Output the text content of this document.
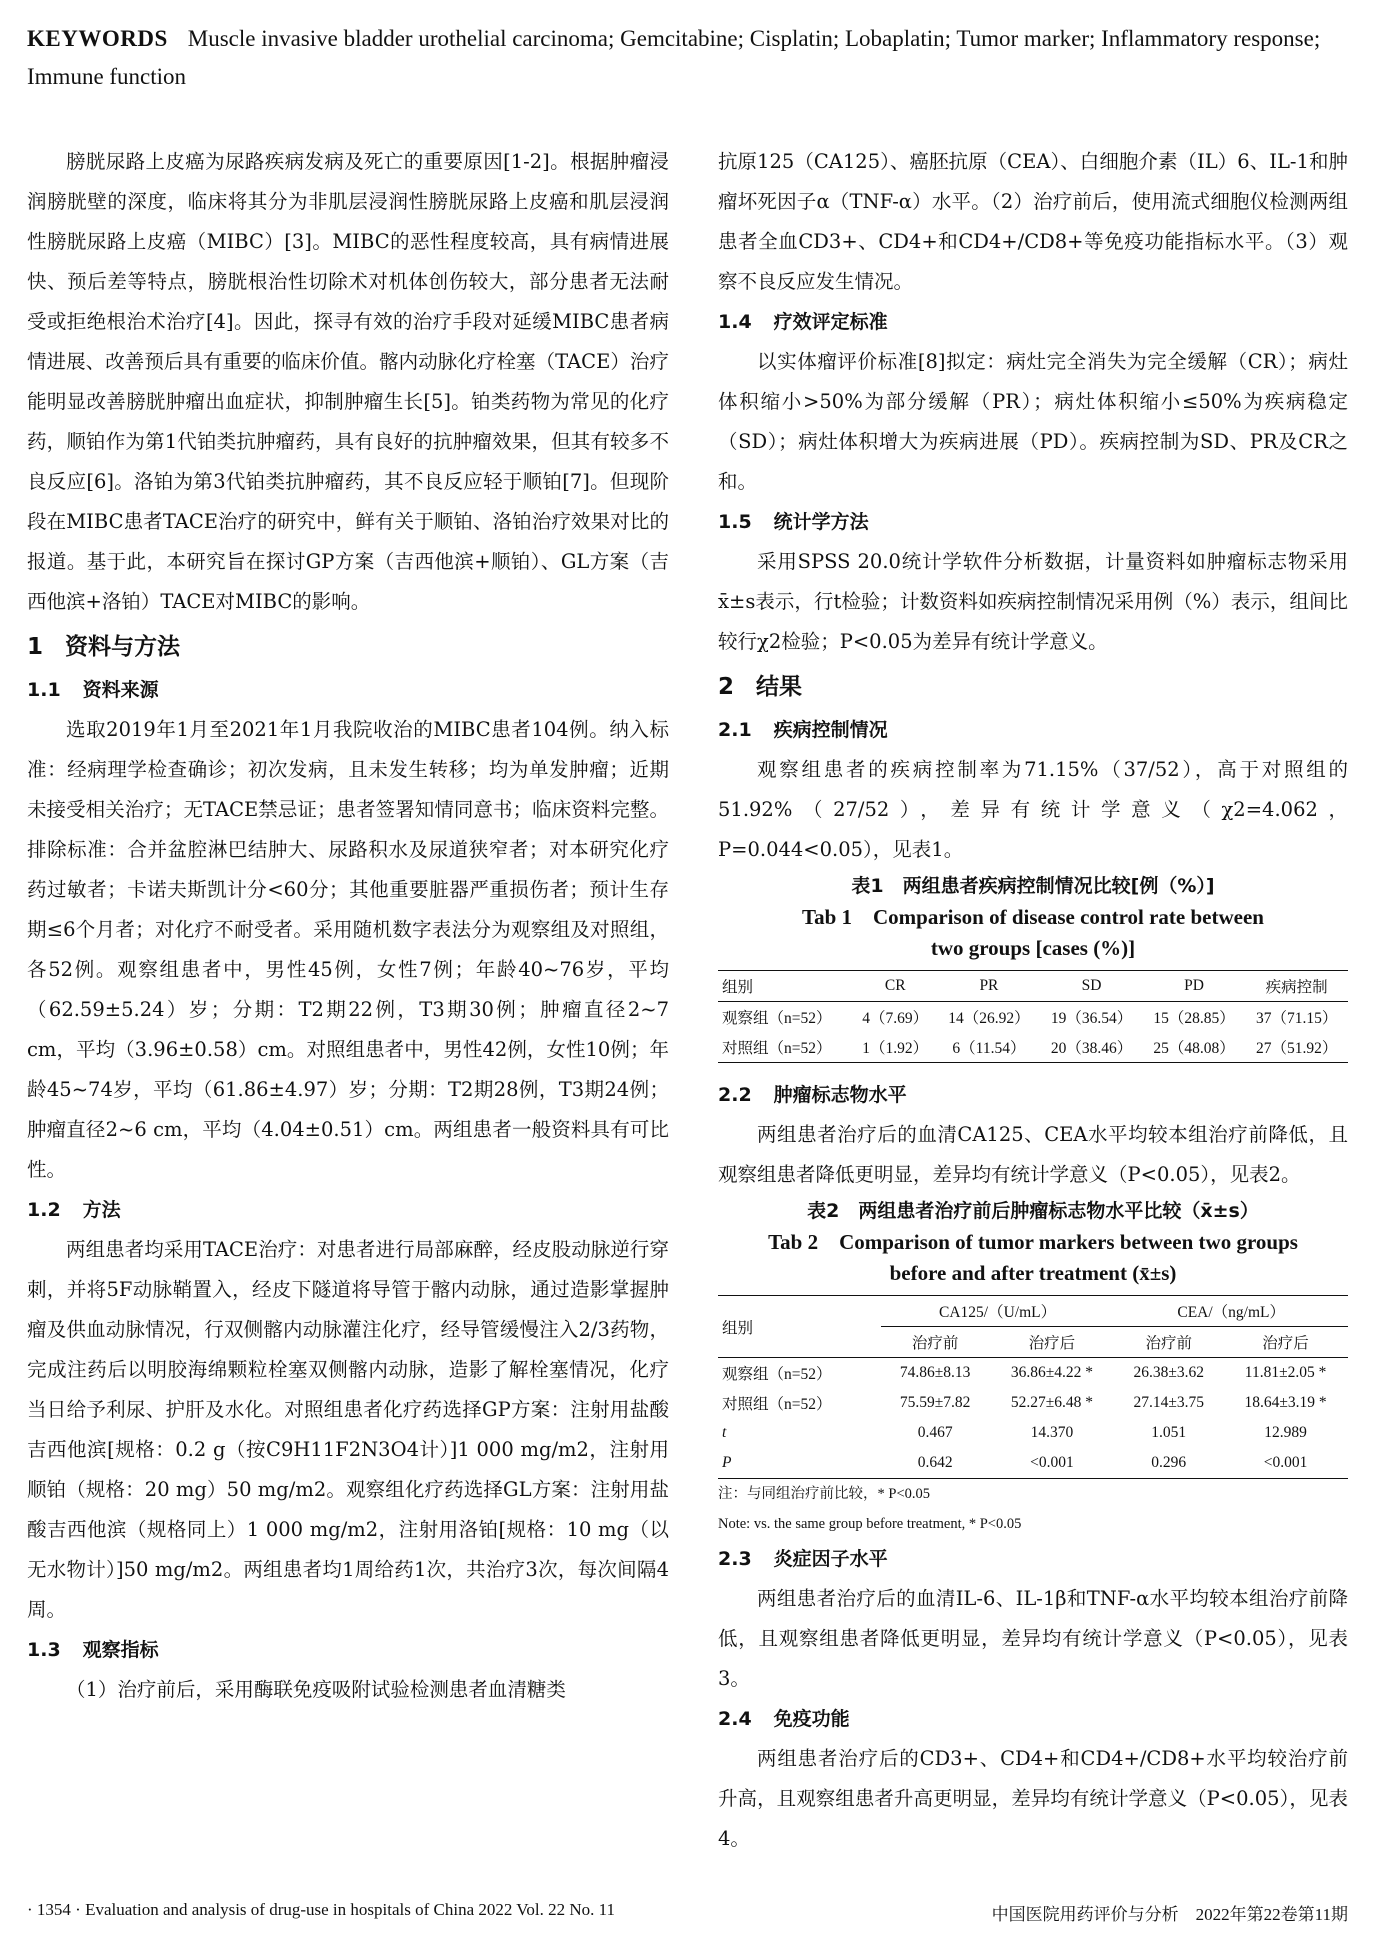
KEYWORDS Muscle invasive bladder urothelial carcinoma; Gemcitabine; Cisplatin; Lobaplatin; Tumor marker; Inflammatory response; Immune function

膀胱尿路上皮癌为尿路疾病发病及死亡的重要原因[1-2]。根据肿瘤浸润膀胱壁的深度，临床将其分为非肌层浸润性膀胱尿路上皮癌和肌层浸润性膀胱尿路上皮癌（MIBC）[3]。MIBC的恶性程度较高，具有病情进展快、预后差等特点，膀胱根治性切除术对机体创伤较大，部分患者无法耐受或拒绝根治术治疗[4]。因此，探寻有效的治疗手段对延缓MIBC患者病情进展、改善预后具有重要的临床价值。髂内动脉化疗栓塞（TACE）治疗能明显改善膀胱肿瘤出血症状，抑制肿瘤生长[5]。铂类药物为常见的化疗药，顺铂作为第1代铂类抗肿瘤药，具有良好的抗肿瘤效果，但其有较多不良反应[6]。洛铂为第3代铂类抗肿瘤药，其不良反应轻于顺铂[7]。但现阶段在MIBC患者TACE治疗的研究中，鲜有关于顺铂、洛铂治疗效果对比的报道。基于此，本研究旨在探讨GP方案（吉西他滨+顺铂）、GL方案（吉西他滨+洛铂）TACE对MIBC的影响。

1 资料与方法
1.1 资料来源

选取2019年1月至2021年1月我院收治的MIBC患者104例。纳入标准：经病理学检查确诊；初次发病，且未发生转移；均为单发肿瘤；近期未接受相关治疗；无TACE禁忌证；患者签署知情同意书；临床资料完整。排除标准：合并盆腔淋巴结肿大、尿路积水及尿道狭窄者；对本研究化疗药过敏者；卡诺夫斯凯计分<60分；其他重要脏器严重损伤者；预计生存期≤6个月者；对化疗不耐受者。采用随机数字表法分为观察组及对照组，各52例。观察组患者中，男性45例，女性7例；年龄40~76岁，平均（62.59±5.24）岁；分期：T2期22例，T3期30例；肿瘤直径2~7 cm，平均（3.96±0.58）cm。对照组患者中，男性42例，女性10例；年龄45~74岁，平均（61.86±4.97）岁；分期：T2期28例，T3期24例；肿瘤直径2~6 cm，平均（4.04±0.51）cm。两组患者一般资料具有可比性。

1.2 方法

两组患者均采用TACE治疗：对患者进行局部麻醉，经皮股动脉逆行穿刺，并将5F动脉鞘置入，经皮下隧道将导管于髂内动脉，通过造影掌握肿瘤及供血动脉情况，行双侧髂内动脉灌注化疗，经导管缓慢注入2/3药物，完成注药后以明胶海绵颗粒栓塞双侧髂内动脉，造影了解栓塞情况，化疗当日给予利尿、护肝及水化。对照组患者化疗药选择GP方案：注射用盐酸吉西他滨[规格：0.2 g（按C9H11F2N3O4计）]1 000 mg/m2，注射用顺铂（规格：20 mg）50 mg/m2。观察组化疗药选择GL方案：注射用盐酸吉西他滨（规格同上）1 000 mg/m2，注射用洛铂[规格：10 mg（以无水物计）]50 mg/m2。两组患者均1周给药1次，共治疗3次，每次间隔4周。

1.3 观察指标

（1）治疗前后，采用酶联免疫吸附试验检测患者血清糖类

抗原125（CA125）、癌胚抗原（CEA）、白细胞介素（IL）6、IL-1和肿瘤坏死因子α（TNF-α）水平。（2）治疗前后，使用流式细胞仪检测两组患者全血CD3+、CD4+和CD4+/CD8+等免疫功能指标水平。（3）观察不良反应发生情况。

1.4 疗效评定标准

以实体瘤评价标准[8]拟定：病灶完全消失为完全缓解（CR）；病灶体积缩小>50%为部分缓解（PR）；病灶体积缩小≤50%为疾病稳定（SD）；病灶体积增大为疾病进展（PD）。疾病控制为SD、PR及CR之和。

1.5 统计学方法

采用SPSS 20.0统计学软件分析数据，计量资料如肿瘤标志物采用x̄±s表示，行t检验；计数资料如疾病控制情况采用例（%）表示，组间比较行χ2检验；P<0.05为差异有统计学意义。

2 结果
2.1 疾病控制情况

观察组患者的疾病控制率为71.15%（37/52），高于对照组的51.92%（27/52），差异有统计学意义（χ2=4.062，P=0.044<0.05），见表1。

表1　两组患者疾病控制情况比较[例（%）]
Tab 1　Comparison of disease control rate between
two groups [cases (%)]
组别	CR	PR	SD	PD	疾病控制
观察组（n=52）	4（7.69）	14（26.92）	19（36.54）	15（28.85）	37（71.15）
对照组（n=52）	1（1.92）	6（11.54）	20（38.46）	25（48.08）	27（51.92）
2.2 肿瘤标志物水平

两组患者治疗后的血清CA125、CEA水平均较本组治疗前降低，且观察组患者降低更明显，差异均有统计学意义（P<0.05），见表2。

表2　两组患者治疗前后肿瘤标志物水平比较（x̄±s）
Tab 2　Comparison of tumor markers between two groups
before and after treatment (x̄±s)
组别	CA125/（U/mL）		CEA/（ng/mL）	
	治疗前	治疗后	治疗前	治疗后
观察组（n=52）	74.86±8.13	36.86±4.22 *	26.38±3.62	11.81±2.05 *
对照组（n=52）	75.59±7.82	52.27±6.48 *	27.14±3.75	18.64±3.19 *
t	0.467	14.370	1.051	12.989
P	0.642	<0.001	0.296	<0.001
注：与同组治疗前比较，* P<0.05
Note: vs. the same group before treatment, * P<0.05
2.3 炎症因子水平

两组患者治疗后的血清IL-6、IL-1β和TNF-α水平均较本组治疗前降低，且观察组患者降低更明显，差异均有统计学意义（P<0.05），见表3。

2.4 免疫功能

两组患者治疗后的CD3+、CD4+和CD4+/CD8+水平均较治疗前升高，且观察组患者升高更明显，差异均有统计学意义（P<0.05），见表4。

· 1354 · Evaluation and analysis of drug-use in hospitals of China 2022 Vol. 22 No. 11	中国医院用药评价与分析　2022年第22卷第11期
